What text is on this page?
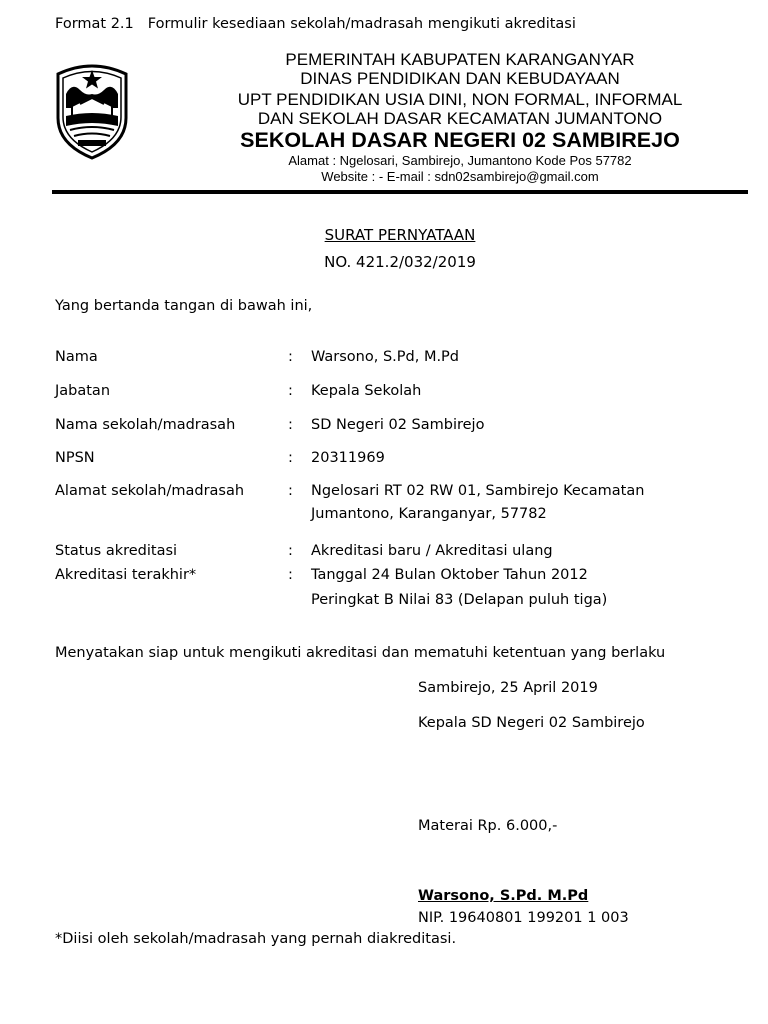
Format 2.1 Formulir kesediaan sekolah/madrasah mengikuti akreditasi
PEMERINTAH KABUPATEN KARANGANYAR
DINAS PENDIDIKAN DAN KEBUDAYAAN
UPT PENDIDIKAN USIA DINI, NON FORMAL, INFORMAL
DAN SEKOLAH DASAR KECAMATAN JUMANTONO
SEKOLAH DASAR NEGERI 02 SAMBIREJO
Alamat : Ngelosari, Sambirejo, Jumantono Kode Pos 57782
Website : - E-mail : sdn02sambirejo@gmail.com
SURAT PERNYATAAN
NO. 421.2/032/2019
Yang bertanda tangan di bawah ini,
Nama	: Warsono, S.Pd, M.Pd
Jabatan	: Kepala Sekolah
Nama sekolah/madrasah	: SD Negeri 02 Sambirejo
NPSN	: 20311969
Alamat sekolah/madrasah	: Ngelosari RT 02 RW 01, Sambirejo Kecamatan
Jumantono, Karanganyar, 57782
Status akreditasi	: Akreditasi baru / Akreditasi ulang
Akreditasi terakhir*	: Tanggal 24 Bulan Oktober Tahun 2012
Peringkat B Nilai 83 (Delapan puluh tiga)
Menyatakan siap untuk mengikuti akreditasi dan mematuhi ketentuan yang berlaku
Sambirejo, 25 April 2019
Kepala SD Negeri 02 Sambirejo
Materai Rp. 6.000,-
Warsono, S.Pd. M.Pd
NIP. 19640801 199201 1 003
*Diisi oleh sekolah/madrasah yang pernah diakreditasi.
